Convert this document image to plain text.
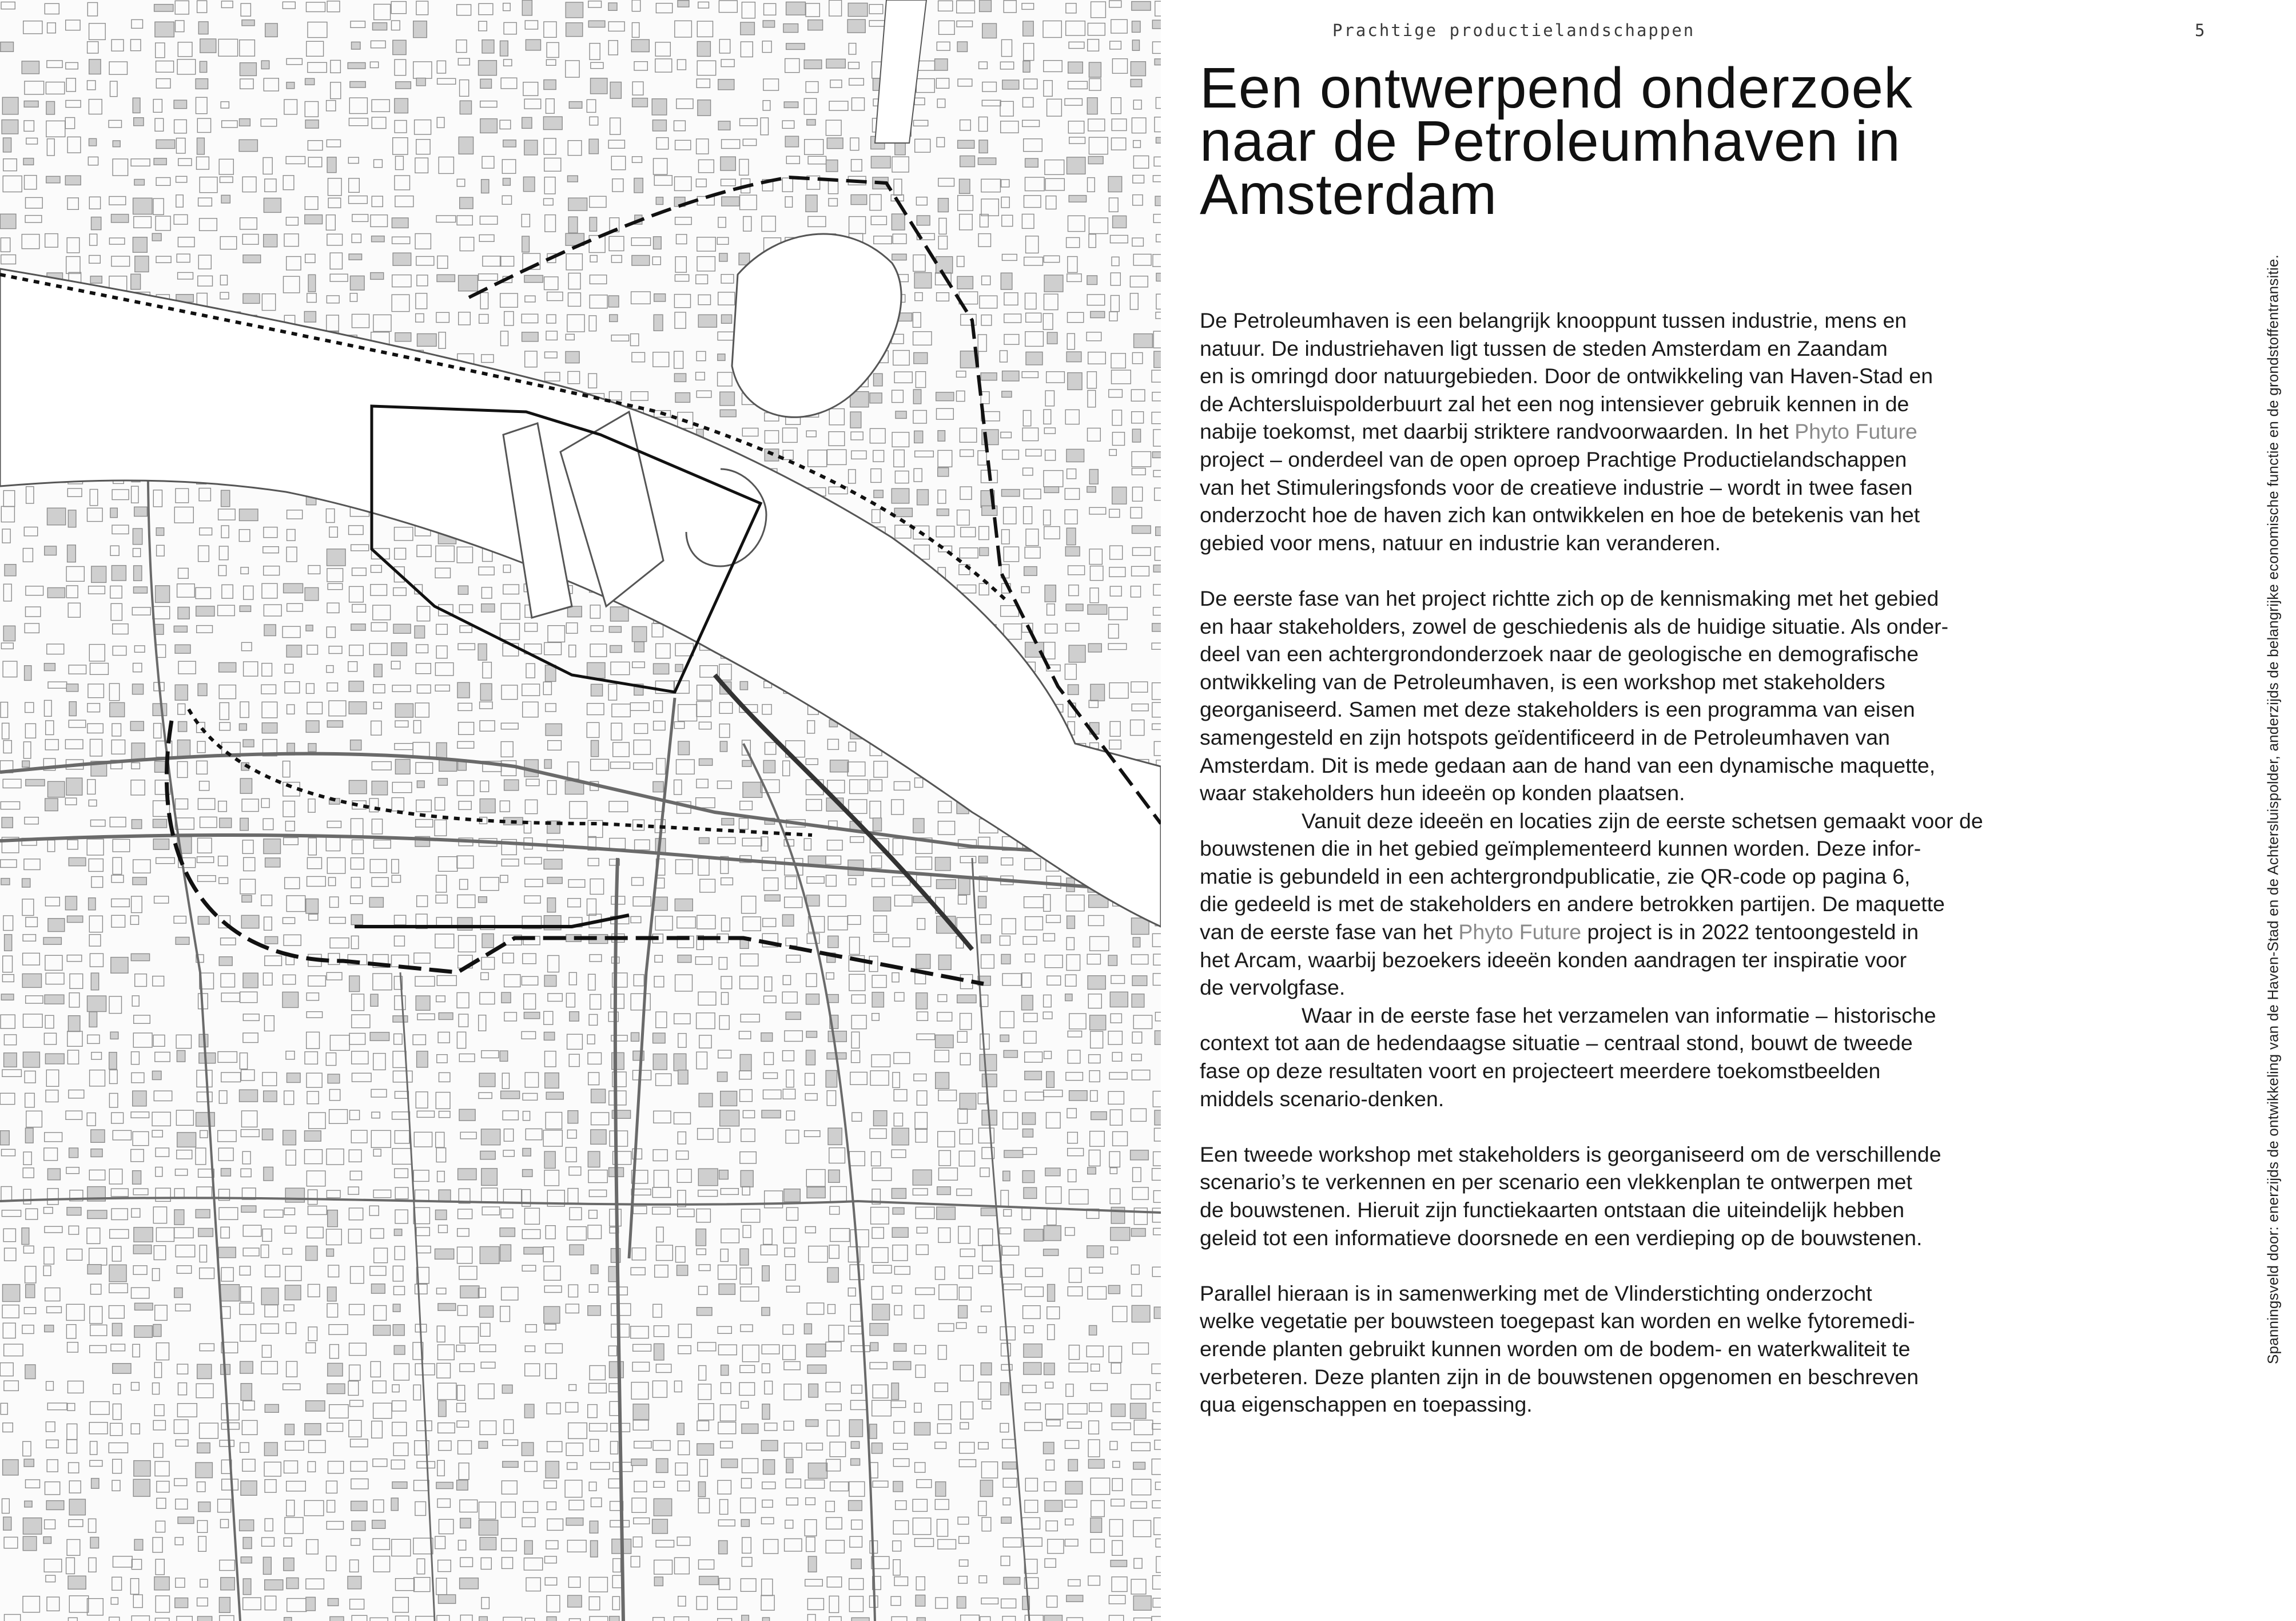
Prachtige productielandschappen	5
Een ontwerpend onderzoek
naar de Petroleumhaven in
Amsterdam

De Petroleumhaven is een belangrijk knooppunt tussen industrie, mens en
natuur. De industriehaven ligt tussen de steden Amsterdam en Zaandam
en is omringd door natuurgebieden. Door de ontwikkeling van Haven-Stad en
de Achtersluispolderbuurt zal het een nog intensiever gebruik kennen in de
nabije toekomst, met daarbij striktere randvoorwaarden. In het Phyto Future
project – onderdeel van de open oproep Prachtige Productielandschappen
van het Stimuleringsfonds voor de creatieve industrie – wordt in twee fasen
onderzocht hoe de haven zich kan ontwikkelen en hoe de betekenis van het
gebied voor mens, natuur en industrie kan veranderen.

De eerste fase van het project richtte zich op de kennismaking met het gebied
en haar stakeholders, zowel de geschiedenis als de huidige situatie. Als onder-
deel van een achtergrondonderzoek naar de geologische en demografische
ontwikkeling van de Petroleumhaven, is een workshop met stakeholders
georganiseerd. Samen met deze stakeholders is een programma van eisen
samengesteld en zijn hotspots geïdentificeerd in de Petroleumhaven van
Amsterdam. Dit is mede gedaan aan de hand van een dynamische maquette,
waar stakeholders hun ideeën op konden plaatsen.

Vanuit deze ideeën en locaties zijn de eerste schetsen gemaakt voor de
bouwstenen die in het gebied geïmplementeerd kunnen worden. Deze infor-
matie is gebundeld in een achtergrondpublicatie, zie QR-code op pagina 6,
die gedeeld is met de stakeholders en andere betrokken partijen. De maquette
van de eerste fase van het Phyto Future project is in 2022 tentoongesteld in
het Arcam, waarbij bezoekers ideeën konden aandragen ter inspiratie voor
de vervolgfase.

Waar in de eerste fase het verzamelen van informatie – historische
context tot aan de hedendaagse situatie – centraal stond, bouwt de tweede
fase op deze resultaten voort en projecteert meerdere toekomstbeelden
middels scenario-denken.

Een tweede workshop met stakeholders is georganiseerd om de verschillende
scenario’s te verkennen en per scenario een vlekkenplan te ontwerpen met
de bouwstenen. Hieruit zijn functiekaarten ontstaan die uiteindelijk hebben
geleid tot een informatieve doorsnede en een verdieping op de bouwstenen.

Parallel hieraan is in samenwerking met de Vlinderstichting onderzocht
welke vegetatie per bouwsteen toegepast kan worden en welke fytoremedi-
erende planten gebruikt kunnen worden om de bodem- en waterkwaliteit te
verbeteren. Deze planten zijn in de bouwstenen opgenomen en beschreven
qua eigenschappen en toepassing.

Spanningsveld door: enerzijds de ontwikkeling van de Haven-Stad en de Achtersluispolder, anderzijds de belangrijke economische functie en de grondstoffentransitie.
